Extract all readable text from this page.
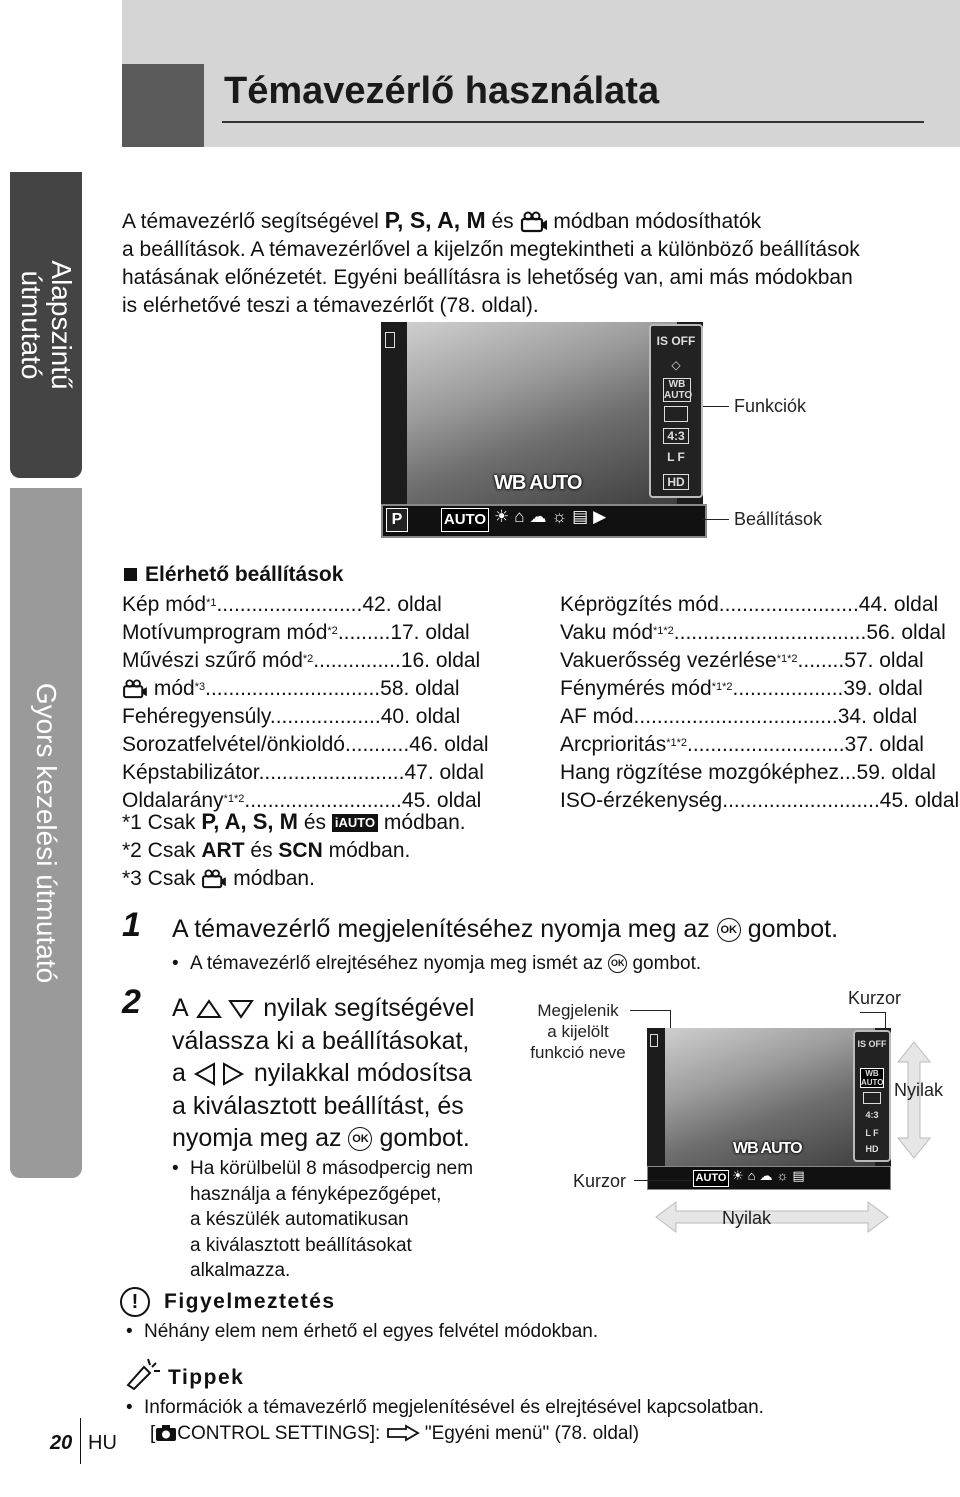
Témavezérlő használata
Alapszintű
útmutató
Gyors kezelési útmutató
A témavezérlő segítségével P, S, A, M és módban módosíthatók
a beállítások. A témavezérlővel a kijelzőn megtekintheti a különböző beállítások
hatásának előnézetét. Egyéni beállításra is lehetőség van, ami más módokban
is elérhetővé teszi a témavezérlőt (78. oldal).
IS OFF
◇
WB AUTO
4:3
L F
HD
WB AUTO
P	AUTO ☀⌂☁☼▤▶
Funkciók
Beállítások
Elérhető beállítások
Kép mód$^{*1}$.........................42. oldal
Motívumprogram mód$^{*2}$.........17. oldal
Művészi szűrő mód$^{*2}$...............16. oldal
mód$^{*3}$..............................58. oldal
Fehéregyensúly...................40. oldal
Sorozatfelvétel/önkioldó...........46. oldal
Képstabilizátor.........................47. oldal
Oldalarány$^{*1*2}$...........................45. oldal
Képrögzítés mód........................44. oldal
Vaku mód$^{*1*2}$.................................56. oldal
Vakuerősség vezérlése$^{*1*2}$........57. oldal
Fénymérés mód$^{*1*2}$...................39. oldal
AF mód...................................34. oldal
Arcprioritás$^{*1*2}$...........................37. oldal
Hang rögzítése mozgóképhez...59. oldal
ISO-érzékenység...........................45. oldal
*1 Csak P, A, S, M és iAUTO módban.
*2 Csak ART és SCN módban.
*3 Csak módban.
1 A témavezérlő megjelenítéséhez nyomja meg az OK gombot.
• A témavezérlő elrejtéséhez nyomja meg ismét az OK gombot.
2 A	nyilak segítségével
válassza ki a beállításokat,
a	nyilakkal módosítsa
a kiválasztott beállítást, és
nyomja meg az OK gombot.
• Ha körülbelül 8 másodpercig nem
használja a fényképezőgépet,
a készülék automatikusan
a kiválasztott beállításokat
alkalmazza.
Megjelenik
a kijelölt
funkció neve
Kurzor
IS OFF
WB AUTO
4:3
L F
HD
WB AUTO
AUTO ☀⌂☁☼▤
Nyilak
Nyilak
Kurzor
!	Figyelmeztetés
• Néhány elem nem érhető el egyes felvétel módokban.
Tippek
• Információk a témavezérlő megjelenítésével és elrejtésével kapcsolatban.
[ CONTROL SETTINGS]: "Egyéni menü" (78. oldal)
20 HU
